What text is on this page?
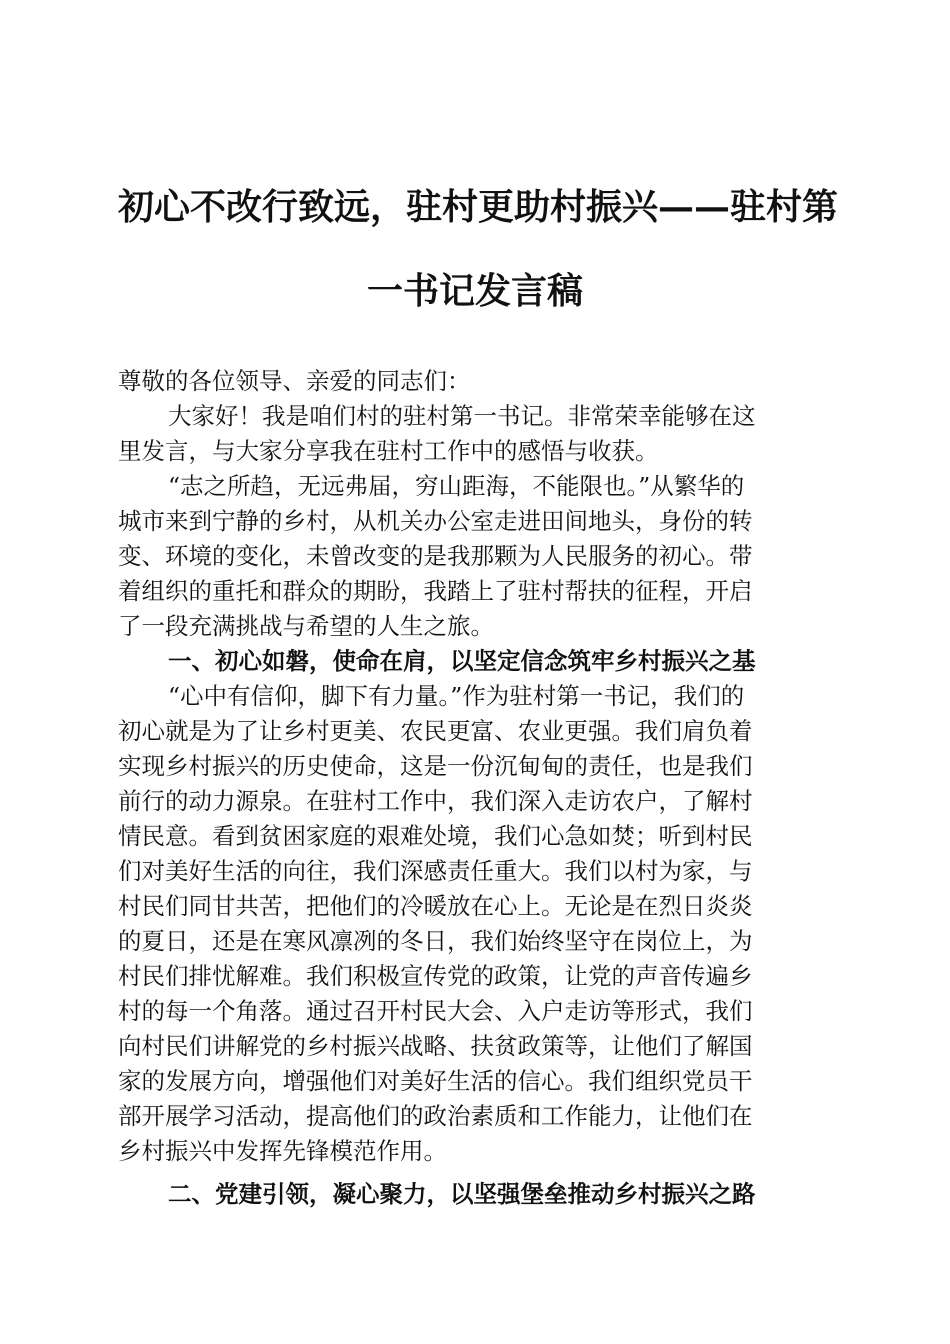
初心不改行致远，驻村更助村振兴——驻村第
一书记发言稿
尊敬的各位领导、亲爱的同志们：
大家好！我是咱们村的驻村第一书记。非常荣幸能够在这
里发言，与大家分享我在驻村工作中的感悟与收获。
“志之所趋，无远弗届，穷山距海，不能限也。”从繁华的
城市来到宁静的乡村，从机关办公室走进田间地头，身份的转
变、环境的变化，未曾改变的是我那颗为人民服务的初心。带
着组织的重托和群众的期盼，我踏上了驻村帮扶的征程，开启
了一段充满挑战与希望的人生之旅。
一、初心如磐，使命在肩，以坚定信念筑牢乡村振兴之基
“心中有信仰，脚下有力量。”作为驻村第一书记，我们的
初心就是为了让乡村更美、农民更富、农业更强。我们肩负着
实现乡村振兴的历史使命，这是一份沉甸甸的责任，也是我们
前行的动力源泉。在驻村工作中，我们深入走访农户，了解村
情民意。看到贫困家庭的艰难处境，我们心急如焚；听到村民
们对美好生活的向往，我们深感责任重大。我们以村为家，与
村民们同甘共苦，把他们的冷暖放在心上。无论是在烈日炎炎
的夏日，还是在寒风凛冽的冬日，我们始终坚守在岗位上，为
村民们排忧解难。我们积极宣传党的政策，让党的声音传遍乡
村的每一个角落。通过召开村民大会、入户走访等形式，我们
向村民们讲解党的乡村振兴战略、扶贫政策等，让他们了解国
家的发展方向，增强他们对美好生活的信心。我们组织党员干
部开展学习活动，提高他们的政治素质和工作能力，让他们在
乡村振兴中发挥先锋模范作用。
二、党建引领，凝心聚力，以坚强堡垒推动乡村振兴之路
